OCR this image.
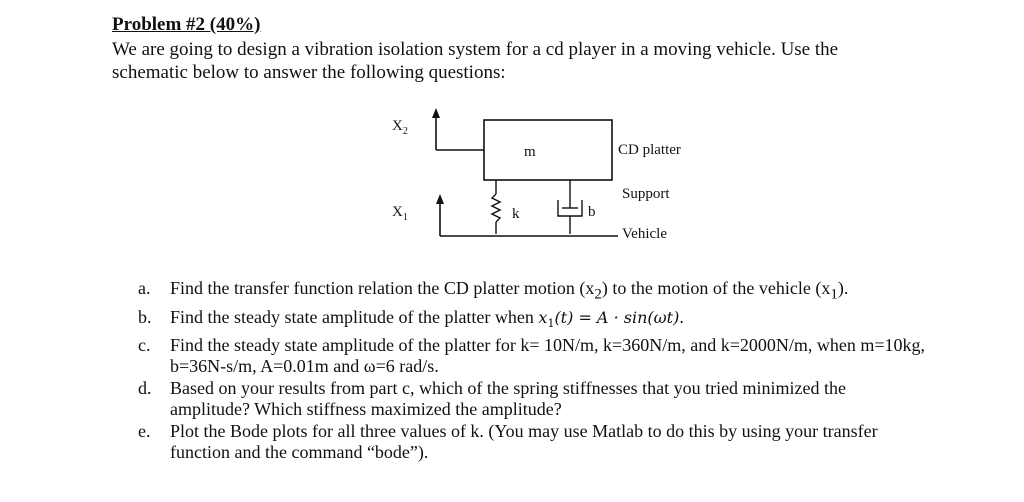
Problem #2 (40%)

We are going to design a vibration isolation system for a cd player in a moving vehicle. Use the schematic below to answer the following questions:

$X_2$
$X_1$
m
k	b
CD platter
Support
Vehicle
a. Find the transfer function relation the CD platter motion $(x_2)$ to the motion of the vehicle $(x_1)$.
b. Find the steady state amplitude of the platter when $x_1(t) = A \cdot \sin(\omega t)$.
c. Find the steady state amplitude of the platter for k= 10N/m, k=360N/m, and k=2000N/m, when m=10kg, b=36N-s/m, A=0.01m and ω=6 rad/s.
d. Based on your results from part c, which of the spring stiffnesses that you tried minimized the amplitude? Which stiffness maximized the amplitude?
e. Plot the Bode plots for all three values of k. (You may use Matlab to do this by using your transfer function and the command “bode”).
